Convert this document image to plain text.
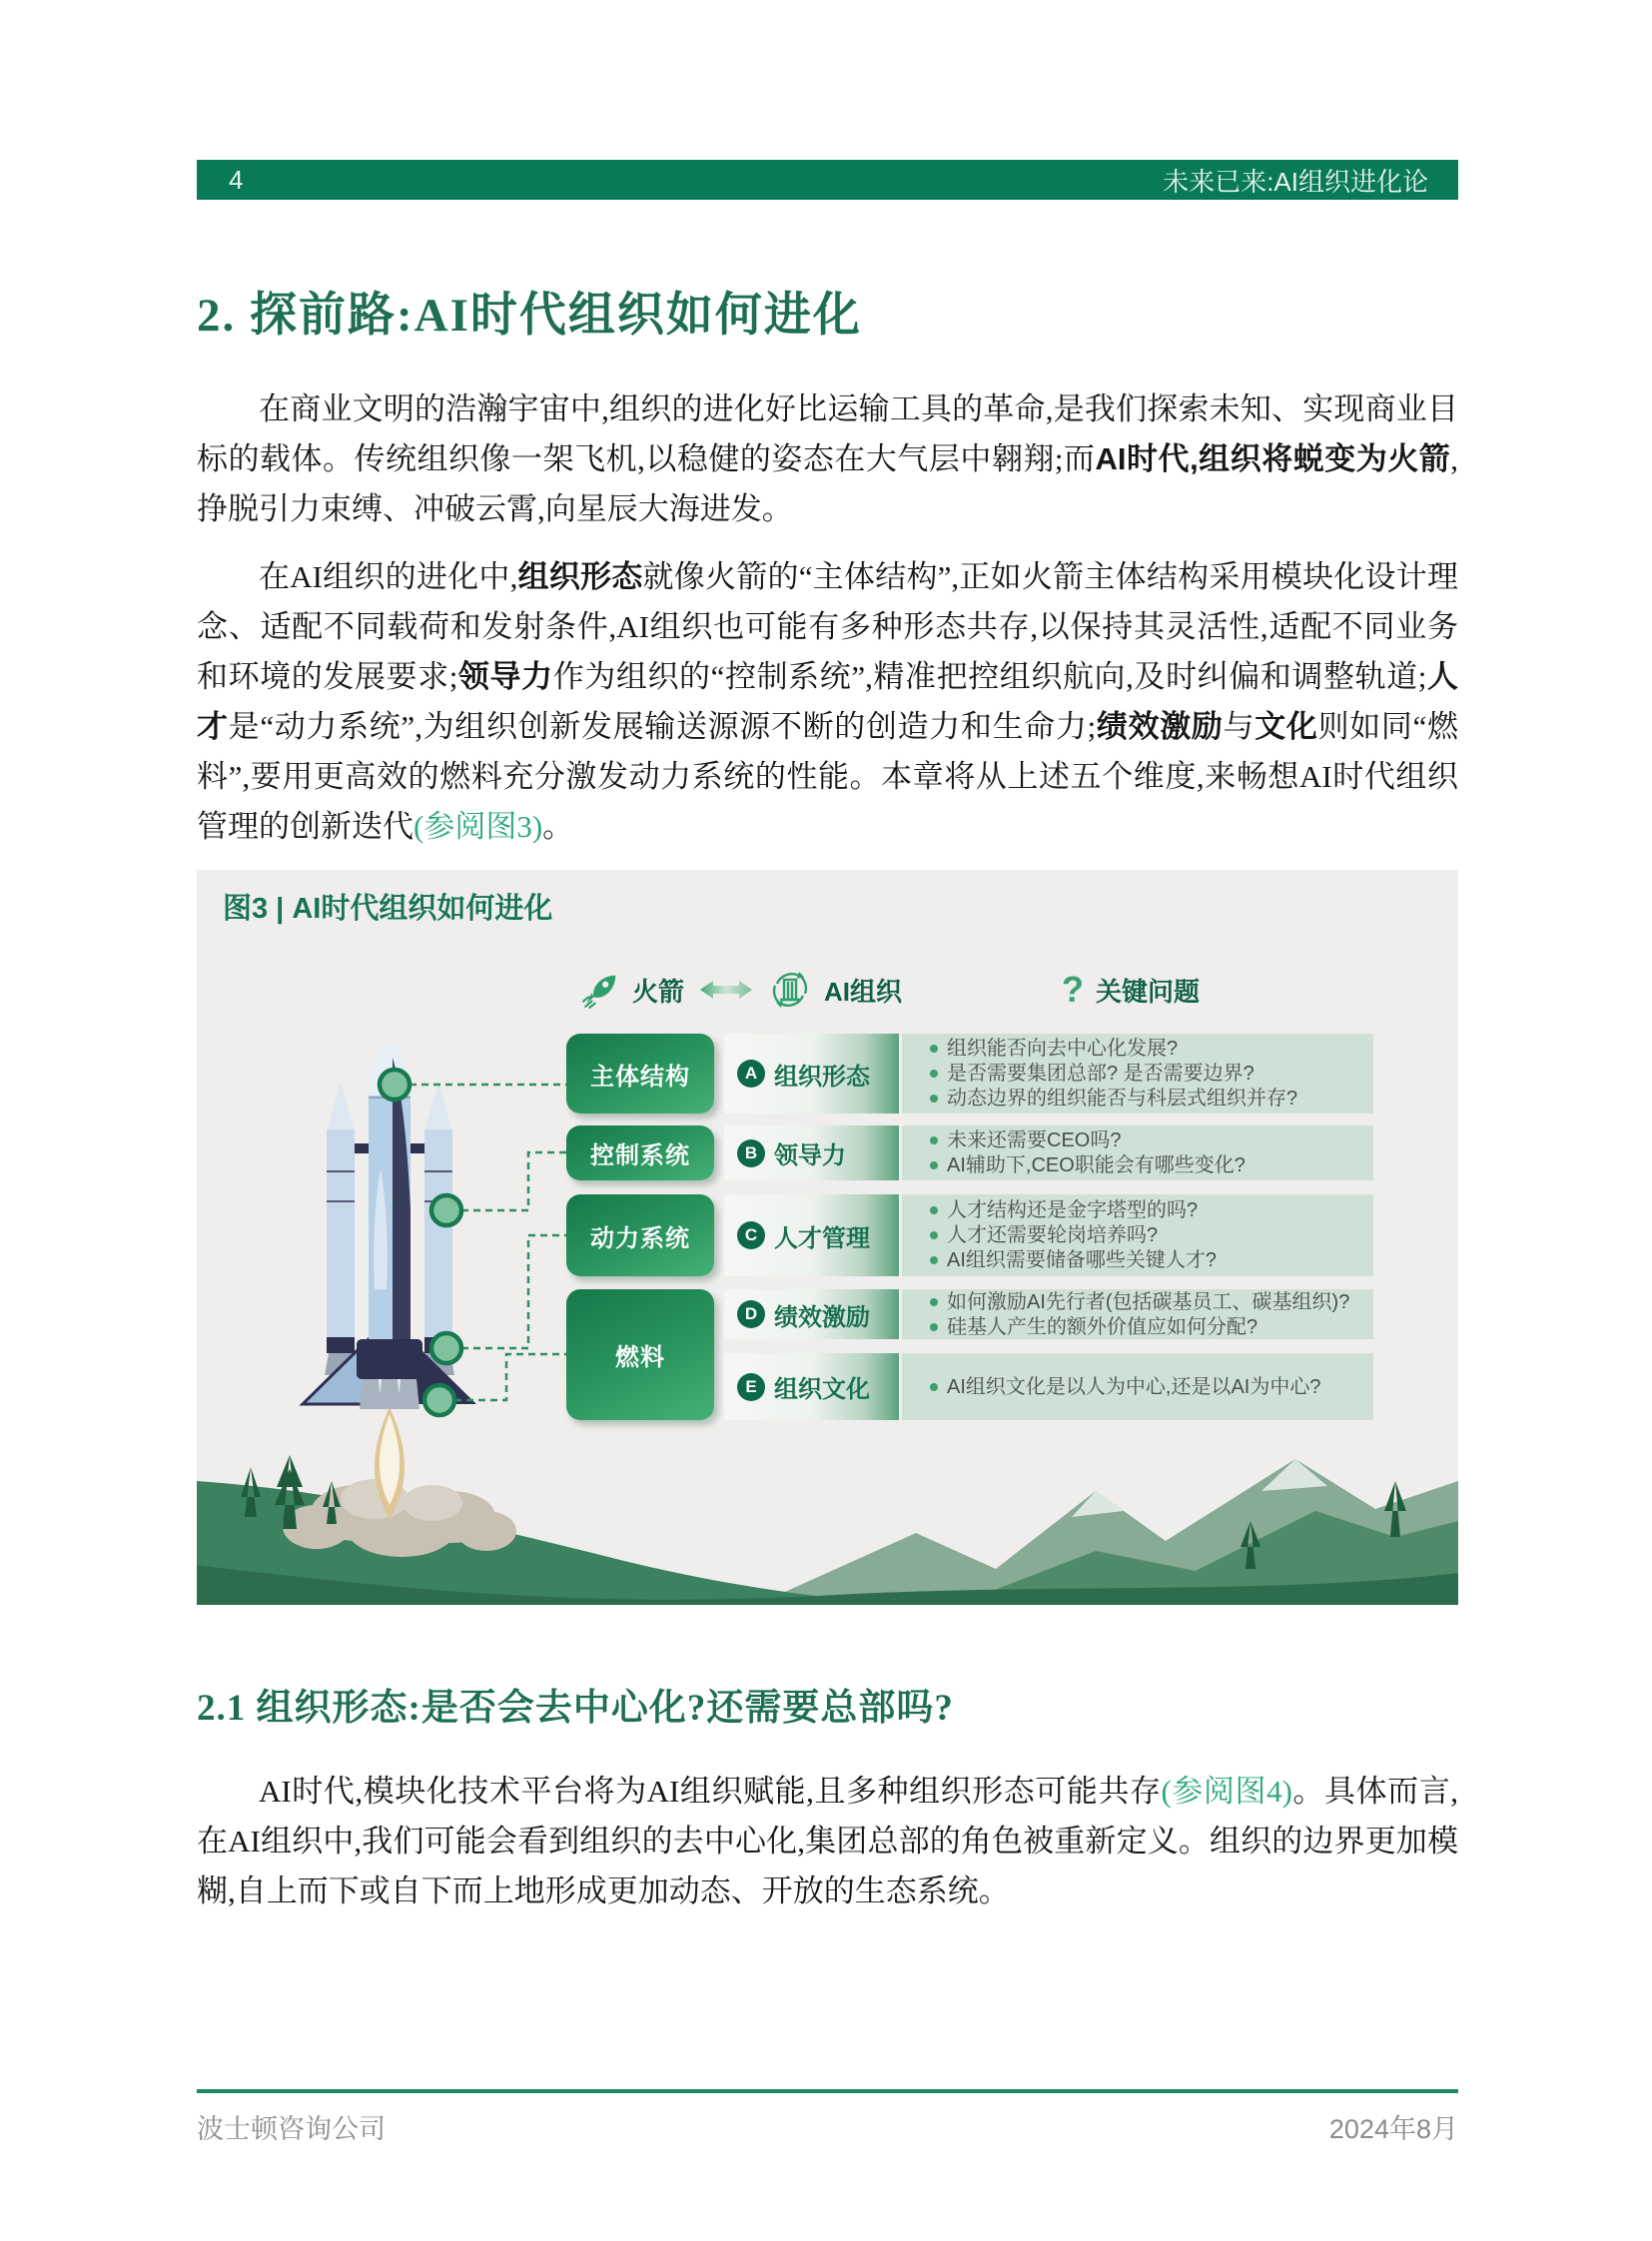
4	未来已来:AI组织进化论
2. 探前路:AI时代组织如何进化

在商业文明的浩瀚宇宙中,组织的进化好比运输工具的革命,是我们探索未知、实现商业目标的载体。传统组织像一架飞机,以稳健的姿态在大气层中翱翔;而AI时代,组织将蜕变为火箭,挣脱引力束缚、冲破云霄,向星辰大海进发。

在AI组织的进化中,组织形态就像火箭的“主体结构”,正如火箭主体结构采用模块化设计理念、适配不同载荷和发射条件,AI组织也可能有多种形态共存,以保持其灵活性,适配不同业务和环境的发展要求;领导力作为组织的“控制系统”,精准把控组织航向,及时纠偏和调整轨道;人才是“动力系统”,为组织创新发展输送源源不断的创造力和生命力;绩效激励与文化则如同“燃料”,要用更高效的燃料充分激发动力系统的性能。本章将从上述五个维度,来畅想AI时代组织管理的创新迭代(参阅图3)。

图3 | AI时代组织如何进化
火箭	AI组织	? 关键问题
主体结构
控制系统
动力系统
燃料
A 组织形态
B 领导力
C 人才管理
D 绩效激励
E 组织文化
组织能否向去中心化发展?
是否需要集团总部? 是否需要边界?
动态边界的组织能否与科层式组织并存?
未来还需要CEO吗?
AI辅助下,CEO职能会有哪些变化?
人才结构还是金字塔型的吗?
人才还需要轮岗培养吗?
AI组织需要储备哪些关键人才?
如何激励AI先行者(包括碳基员工、碳基组织)?
硅基人产生的额外价值应如何分配?
AI组织文化是以人为中心,还是以AI为中心?
2.1 组织形态:是否会去中心化?还需要总部吗?

AI时代,模块化技术平台将为AI组织赋能,且多种组织形态可能共存(参阅图4)。具体而言,在AI组织中,我们可能会看到组织的去中心化,集团总部的角色被重新定义。组织的边界更加模糊,自上而下或自下而上地形成更加动态、开放的生态系统。

波士顿咨询公司	2024年8月
